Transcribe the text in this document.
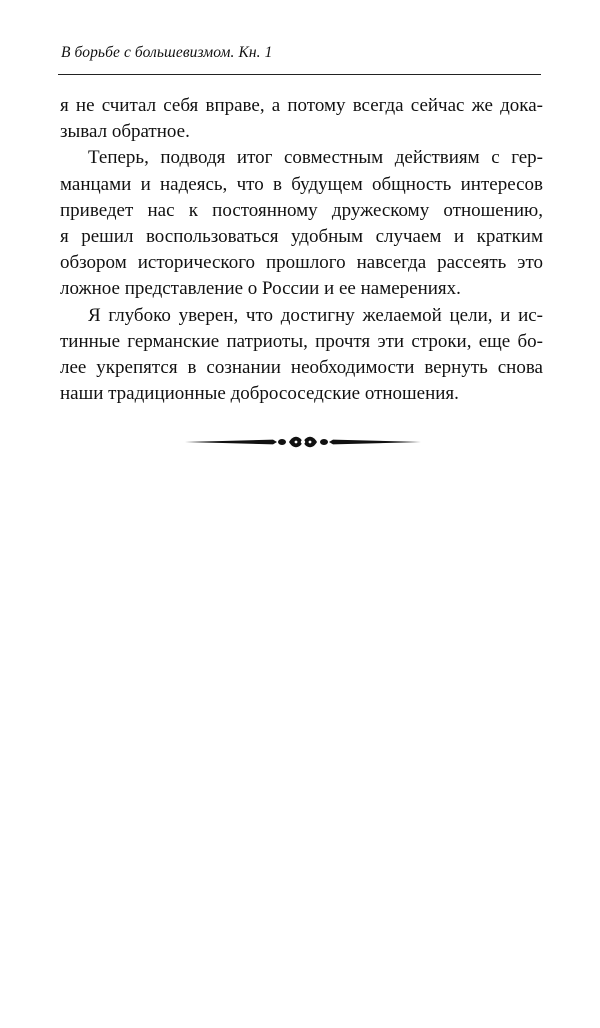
В борьбе с большевизмом. Кн. 1
я не считал себя вправе, а потому всегда сейчас же дока-
зывал обратное.
Теперь, подводя итог совместным действиям с гер-
манцами и надеясь, что в будущем общность интересов
приведет нас к постоянному дружескому отношению,
я решил воспользоваться удобным случаем и кратким
обзором исторического прошлого навсегда рассеять это
ложное представление о России и ее намерениях.
Я глубоко уверен, что достигну желаемой цели, и ис-
тинные германские патриоты, прочтя эти строки, еще бо-
лее укрепятся в сознании необходимости вернуть снова
наши традиционные добрососедские отношения.
